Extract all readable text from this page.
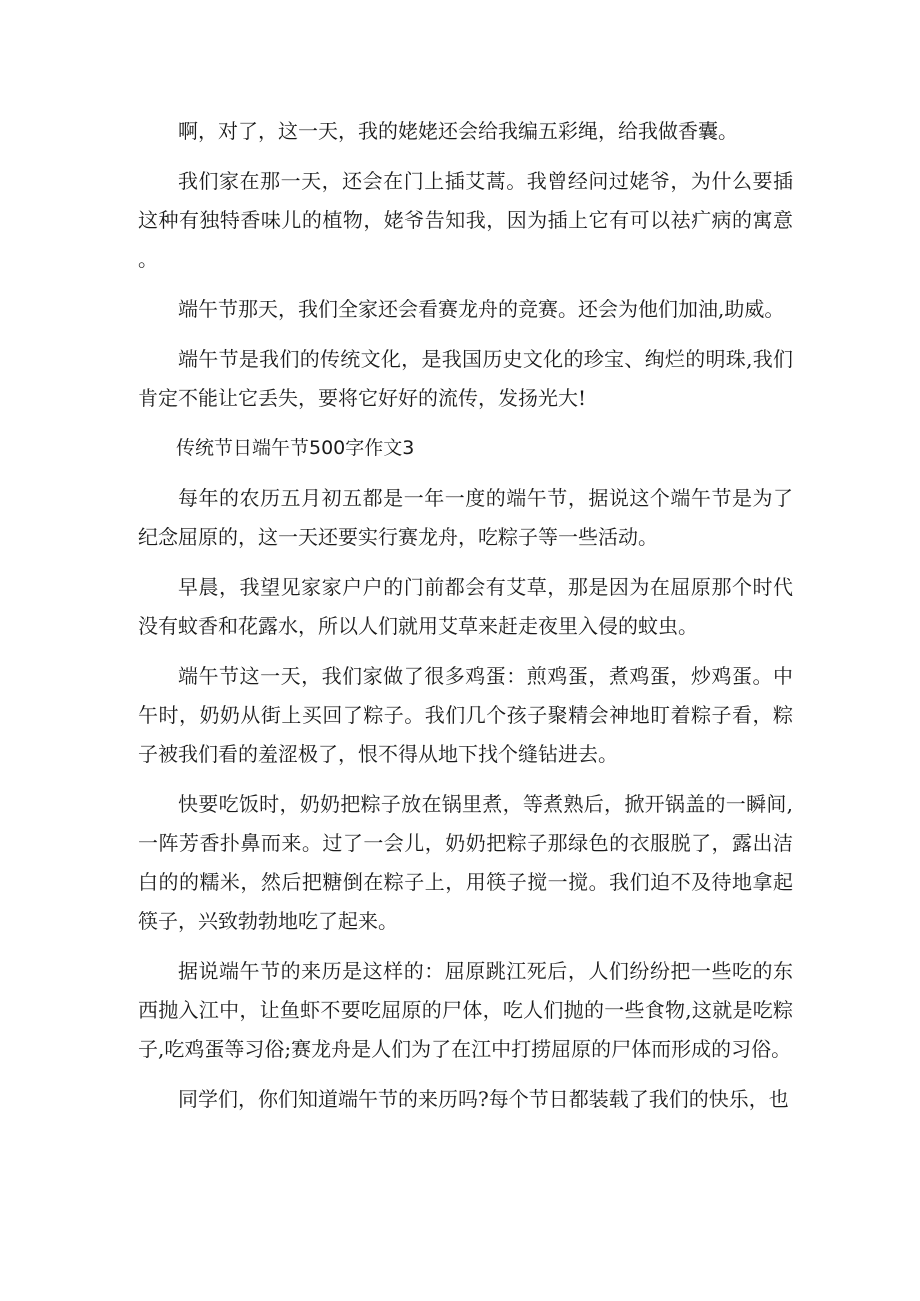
啊，对了，这一天，我的姥姥还会给我编五彩绳，给我做香囊。

我们家在那一天，还会在门上插艾蒿。我曾经问过姥爷，为什么要插这种有独特香味儿的植物，姥爷告知我，因为插上它有可以祛疒病的寓意。

端午节那天，我们全家还会看赛龙舟的竞赛。还会为他们加油,助威。

端午节是我们的传统文化，是我国历史文化的珍宝、绚烂的明珠,我们肯定不能让它丢失，要将它好好的流传，发扬光大!

传统节日端午节500字作文3

每年的农历五月初五都是一年一度的端午节，据说这个端午节是为了纪念屈原的，这一天还要实行赛龙舟，吃粽子等一些活动。

早晨，我望见家家户户的门前都会有艾草，那是因为在屈原那个时代没有蚊香和花露水，所以人们就用艾草来赶走夜里入侵的蚊虫。

端午节这一天，我们家做了很多鸡蛋：煎鸡蛋，煮鸡蛋，炒鸡蛋。中午时，奶奶从街上买回了粽子。我们几个孩子聚精会神地盯着粽子看，粽子被我们看的羞涩极了，恨不得从地下找个缝钻进去。

快要吃饭时，奶奶把粽子放在锅里煮，等煮熟后，掀开锅盖的一瞬间,一阵芳香扑鼻而来。过了一会儿，奶奶把粽子那绿色的衣服脱了，露出洁白的的糯米，然后把糖倒在粽子上，用筷子搅一搅。我们迫不及待地拿起筷子，兴致勃勃地吃了起来。

据说端午节的来历是这样的：屈原跳江死后，人们纷纷把一些吃的东西抛入江中，让鱼虾不要吃屈原的尸体，吃人们抛的一些食物,这就是吃粽子,吃鸡蛋等习俗;赛龙舟是人们为了在江中打捞屈原的尸体而形成的习俗。

同学们，你们知道端午节的来历吗?每个节日都装载了我们的快乐，也
